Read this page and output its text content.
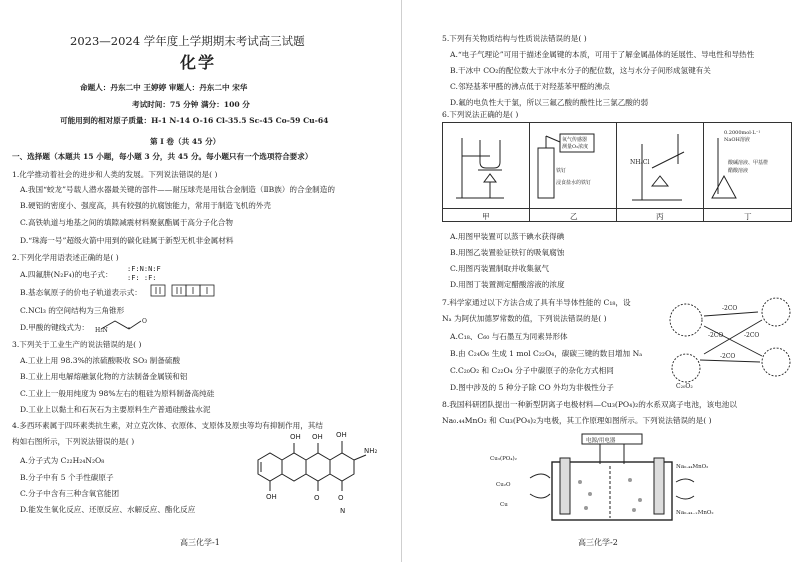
2023—2024 学年度上学期期末考试高三试题
化学
命题人：丹东二中 王婷婷 审题人：丹东二中 宋华
考试时间：75 分钟 满分：100 分
可能用到的相对原子质量：H-1 N-14 O-16 Cl-35.5 Sc-45 Co-59 Cu-64
第 I 卷（共 45 分）
一、选择题（本题共 15 小题，每小题 3 分，共 45 分。每小题只有一个选项符合要求）
1.化学推动着社会的进步和人类的发展。下列说法错误的是( )
A.我国“蛟龙”号载人潜水器最关键的部件——耐压球壳是用钛合金制造（ⅡB族）的合金制造的
B.硬铝的密度小、强度高，具有较强的抗腐蚀能力，常用于制造飞机的外壳
C.高铁轨道与地基之间的填隙减震材料聚氨酯属于高分子化合物
D.“珠海一号”超级火箭中用到的碳化硅属于新型无机非金属材料
2.下列化学用语表述正确的是( )
A.四氟肼(N₂F₄)的电子式：
:F:N:N:F
:F: :F:
B.基态氧原子的价电子轨道表示式：
C.NCl₃ 的空间结构为三角锥形
D.甲酸的键线式为： H₂N
O
3.下列关于工业生产的说法错误的是( )
A.工业上用 98.3%的浓硫酸吸收 SO₃ 制备硫酸
B.工业上用电解熔融氯化物的方法制备金属镁和铝
C.工业上一般用纯度为 98%左右的粗硅为原料制备高纯硅
D.工业上以黏土和石灰石为主要原料生产普通硅酸盐水泥
4.多西环素属于四环素类抗生素，对立克次体、衣原体、支原体及原虫等均有抑制作用，其结
构如右图所示，下列说法错误的是( )
A.分子式为 C₂₂H₂₄N₂O₈
B.分子中有 5 个手性碳原子
C.分子中含有三种含氧官能团
D.能发生氧化反应、还原反应、水解反应、酯化反应
OH
OH OH OH
O	O
NH₂
N
高三化学-1
5.下列有关物质结构与性质说法错误的是( )
A.“电子气理论”可用于描述金属键的本质，可用于了解金属晶体的延展性、导电性和导热性
B.干冰中 CO₂的配位数大于冰中水分子的配位数，这与水分子间形成氢键有关
C.邻羟基苯甲醛的沸点低于对羟基苯甲醛的沸点
D.氟的电负性大于氯，所以三氟乙酸的酸性比三氯乙酸的弱
6.下列说法正确的是( )
氧气传感器
测量O₂浓度
铁钉
浸食盐水的铁钉
NH₄Cl
0.2000mol·L⁻¹
NaOH溶液
酸碱溶液、甲基橙
醋酸溶液
甲	乙	丙	丁
A.用图甲装置可以蒸干碘水获得碘
B.用图乙装置验证铁钉的吸氧腐蚀
C.用图丙装置制取并收集氨气
D.用图丁装置测定醋酸溶液的浓度
7.科学家通过以下方法合成了具有半导体性能的 C₁₈，设
Nₐ 为阿伏加德罗常数的值，下列说法错误的是( )
A.C₁₈、C₆₀ 与石墨互为同素异形体
B.由 C₂₄O₆ 生成 1 mol C₂₂O₄，碳碳三键的数目增加 Nₐ
C.C₂₀O₂ 和 C₂₂O₄ 分子中碳原子的杂化方式相同
D.图中涉及的 5 种分子除 CO 外均为非极性分子
-2CO
-2CO
-2CO	-2CO
C₂₀O₂
8.我国科研团队提出一种新型阴离子电极材料—Cu₃(PO₄)₂的水系双离子电池，该电池以
Na₀.₄₄MnO₂ 和 Cu₃(PO₄)₂为电极，其工作原理如图所示。下列说法错误的是( )
电源/用电器
Cu₃(PO₄)₂
Cu₂O
Cu
Na₀.₄₄MnO₂
Na₀.₄₄₋ₓMnO₂
高三化学-2
